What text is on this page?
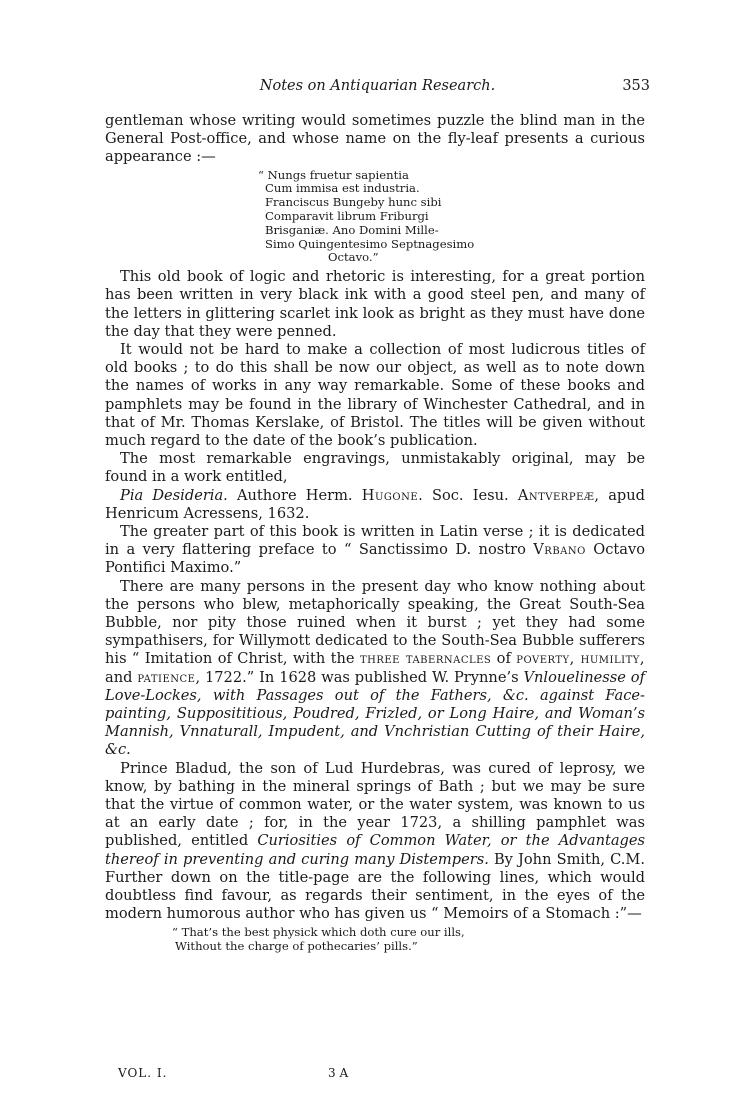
Notes on Antiquarian Research.	353

gentleman whose writing would sometimes puzzle the blind man in the General Post-office, and whose name on the fly-leaf presents a curious appearance :—

“ Nungs fruetur sapientia
Cum immisa est industria.
Franciscus Bungeby hunc sibi
Comparavit librum Friburgi
Brisganiæ. Ano Domini Mille-
Simo Quingentesimo Septnagesimo
Octavo.”

This old book of logic and rhetoric is interesting, for a great portion has been written in very black ink with a good steel pen, and many of the letters in glittering scarlet ink look as bright as they must have done the day that they were penned.

It would not be hard to make a collection of most ludicrous titles of old books ; to do this shall be now our object, as well as to note down the names of works in any way remarkable. Some of these books and pamphlets may be found in the library of Winchester Cathedral, and in that of Mr. Thomas Kerslake, of Bristol. The titles will be given without much regard to the date of the book’s publication.

The most remarkable engravings, unmistakably original, may be found in a work entitled,

Pia Desideria. Authore Herm. Hugone. Soc. Iesu. Antverpeæ, apud Henricum Acressens, 1632.

The greater part of this book is written in Latin verse ; it is dedicated in a very flattering preface to “ Sanctissimo D. nostro Vrbano Octavo Pontifici Maximo.”

There are many persons in the present day who know nothing about the persons who blew, metaphorically speaking, the Great South-Sea Bubble, nor pity those ruined when it burst ; yet they had some sympathisers, for Willymott dedicated to the South-Sea Bubble sufferers his “ Imitation of Christ, with the three tabernacles of poverty, humility, and patience, 1722.” In 1628 was published W. Prynne’s Vnlouelinesse of Love-Lockes, with Passages out of the Fathers, &c. against Face-painting, Supposititious, Poudred, Frizled, or Long Haire, and Woman’s Mannish, Vnnaturall, Impudent, and Vnchristian Cutting of their Haire, &c.

Prince Bladud, the son of Lud Hurdebras, was cured of leprosy, we know, by bathing in the mineral springs of Bath ; but we may be sure that the virtue of common water, or the water system, was known to us at an early date ; for, in the year 1723, a shilling pamphlet was published, entitled Curiosities of Common Water, or the Advantages thereof in preventing and curing many Distempers. By John Smith, C.M. Further down on the title-page are the following lines, which would doubtless find favour, as regards their sentiment, in the eyes of the modern humorous author who has given us “ Memoirs of a Stomach :”—

“ That’s the best physick which doth cure our ills,
Without the charge of pothecaries’ pills.”
VOL. I.	3 A
